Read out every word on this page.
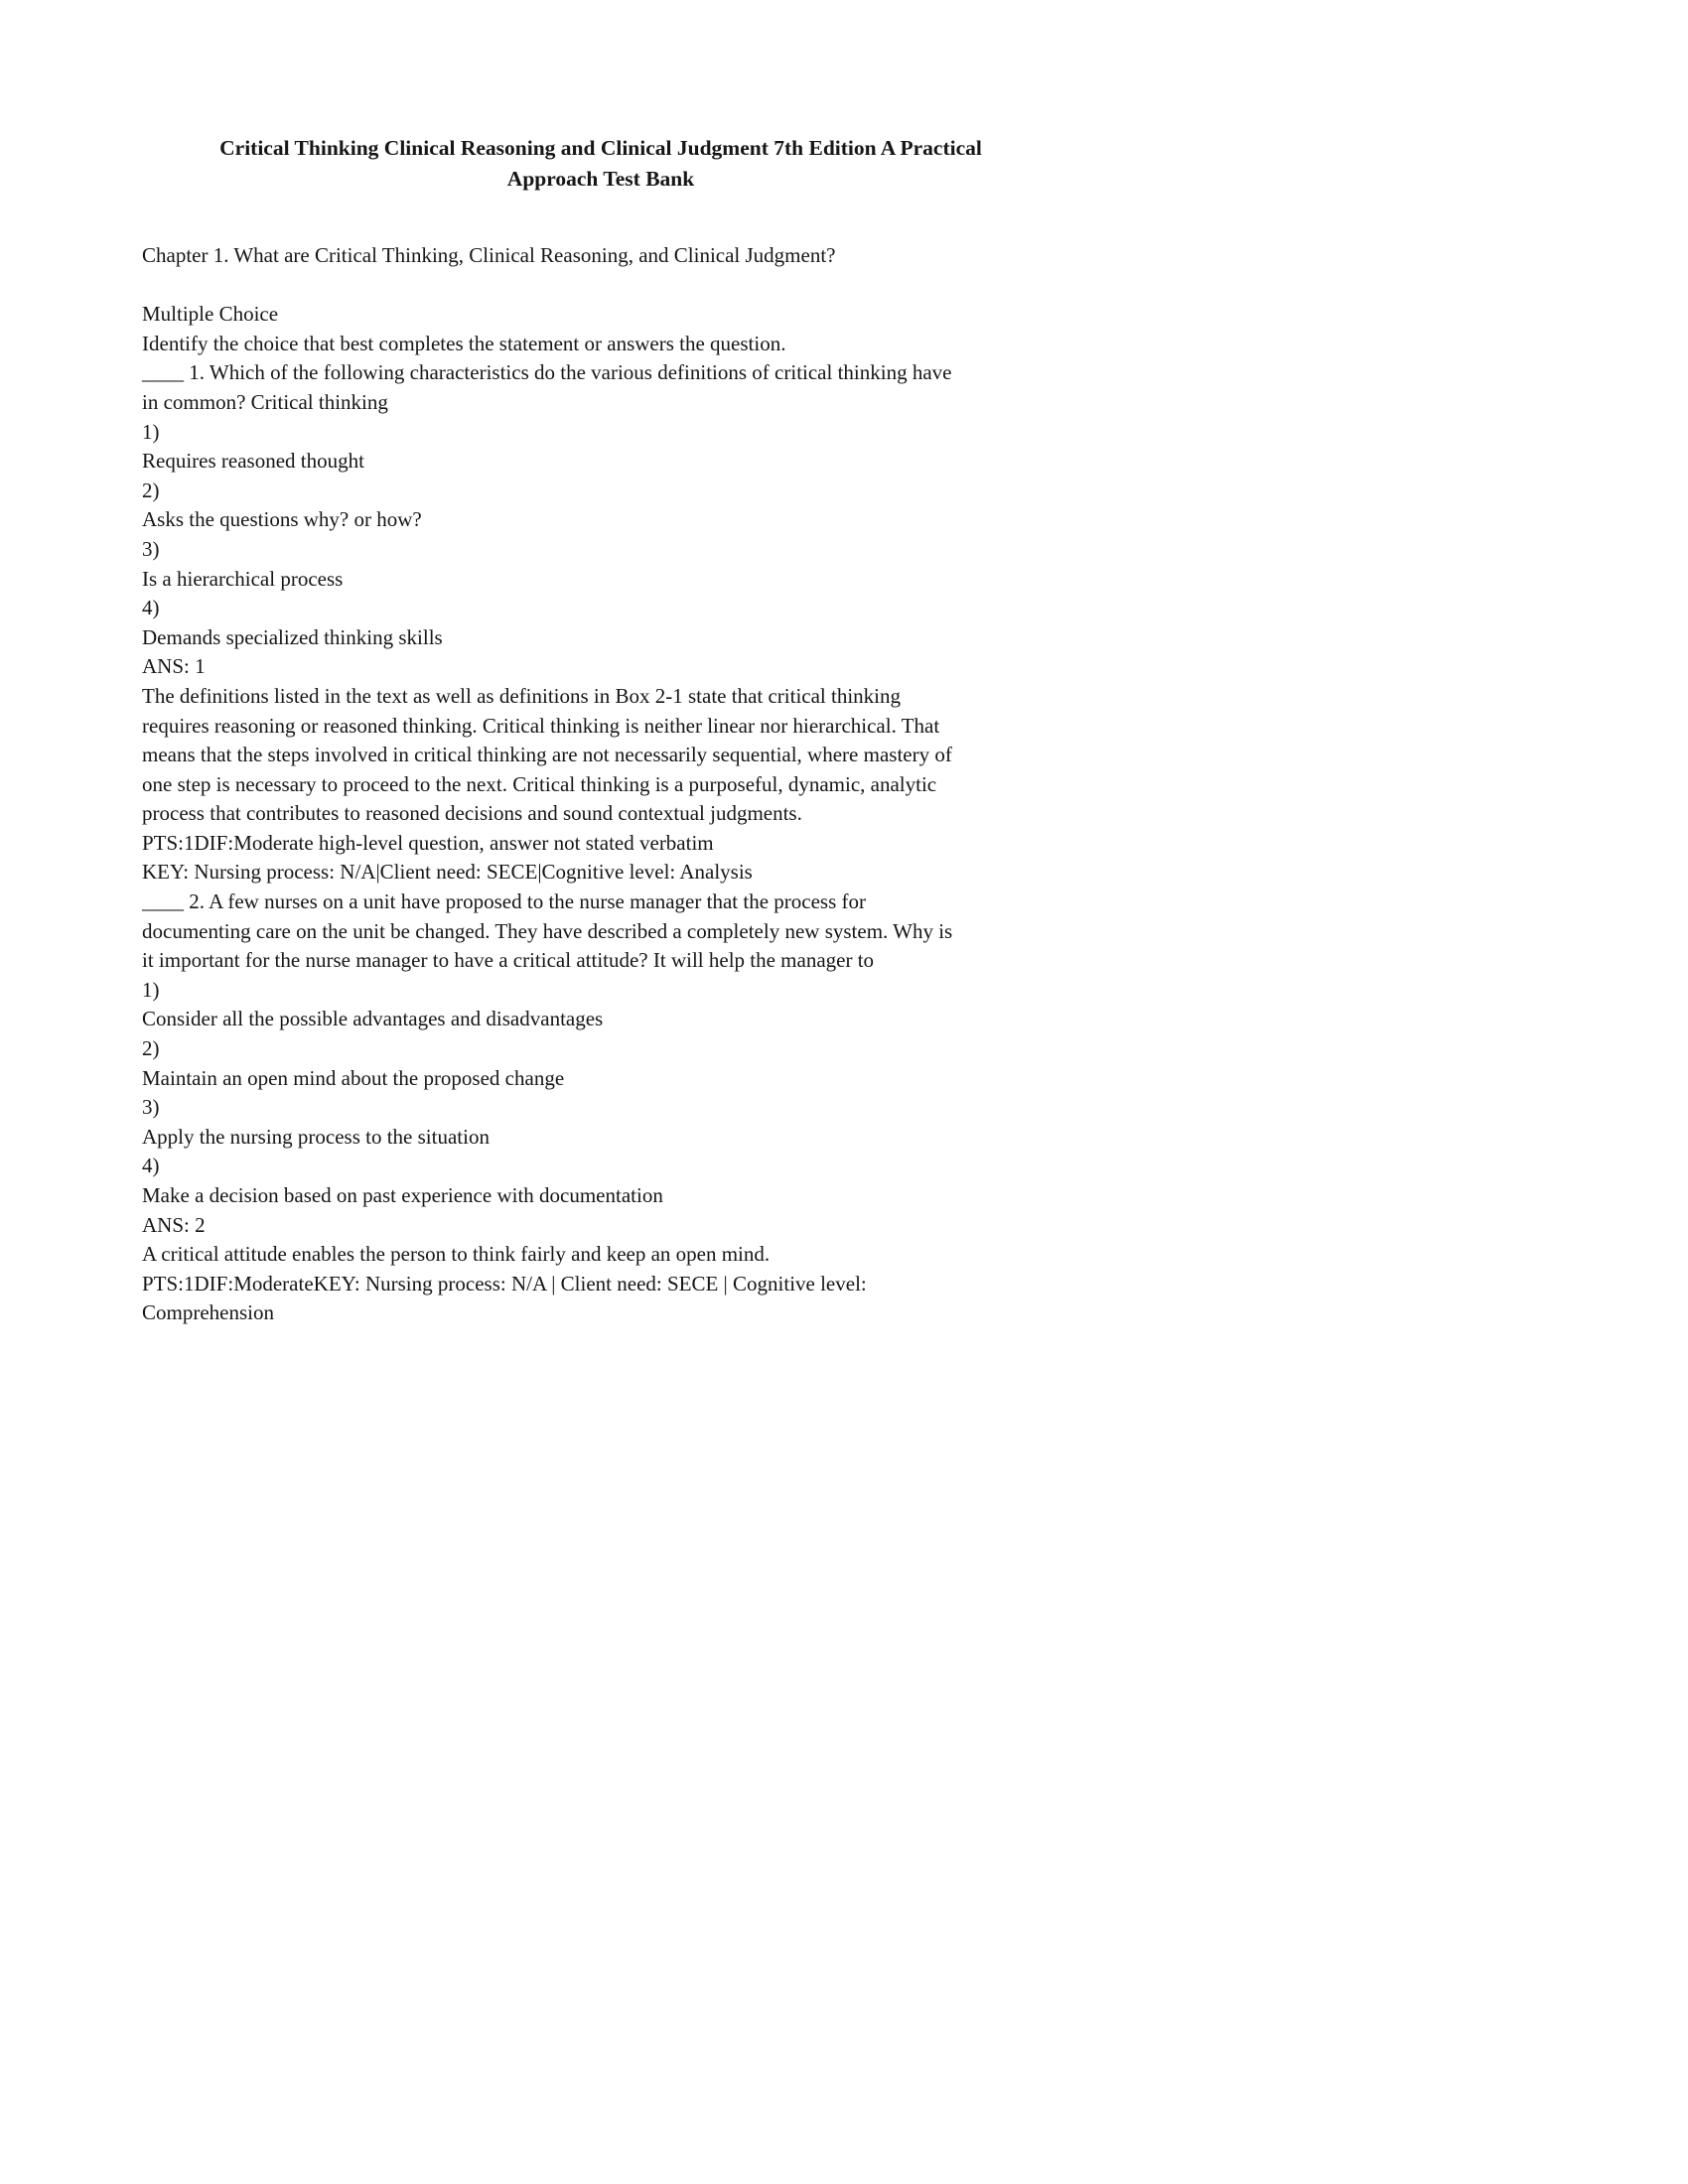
Critical Thinking Clinical Reasoning and Clinical Judgment 7th Edition A Practical
Approach Test Bank
Chapter 1. What are Critical Thinking, Clinical Reasoning, and Clinical Judgment?
Multiple Choice
Identify the choice that best completes the statement or answers the question.
____ 1. Which of the following characteristics do the various definitions of critical thinking have
in common? Critical thinking
1)
Requires reasoned thought
2)
Asks the questions why? or how?
3)
Is a hierarchical process
4)
Demands specialized thinking skills
ANS: 1
The definitions listed in the text as well as definitions in Box 2-1 state that critical thinking
requires reasoning or reasoned thinking. Critical thinking is neither linear nor hierarchical. That
means that the steps involved in critical thinking are not necessarily sequential, where mastery of
one step is necessary to proceed to the next. Critical thinking is a purposeful, dynamic, analytic
process that contributes to reasoned decisions and sound contextual judgments.
PTS:1DIF:Moderate high-level question, answer not stated verbatim
KEY: Nursing process: N/A|Client need: SECE|Cognitive level: Analysis
____ 2. A few nurses on a unit have proposed to the nurse manager that the process for
documenting care on the unit be changed. They have described a completely new system. Why is
it important for the nurse manager to have a critical attitude? It will help the manager to
1)
Consider all the possible advantages and disadvantages
2)
Maintain an open mind about the proposed change
3)
Apply the nursing process to the situation
4)
Make a decision based on past experience with documentation
ANS: 2
A critical attitude enables the person to think fairly and keep an open mind.
PTS:1DIF:ModerateKEY: Nursing process: N/A | Client need: SECE | Cognitive level:
Comprehension
